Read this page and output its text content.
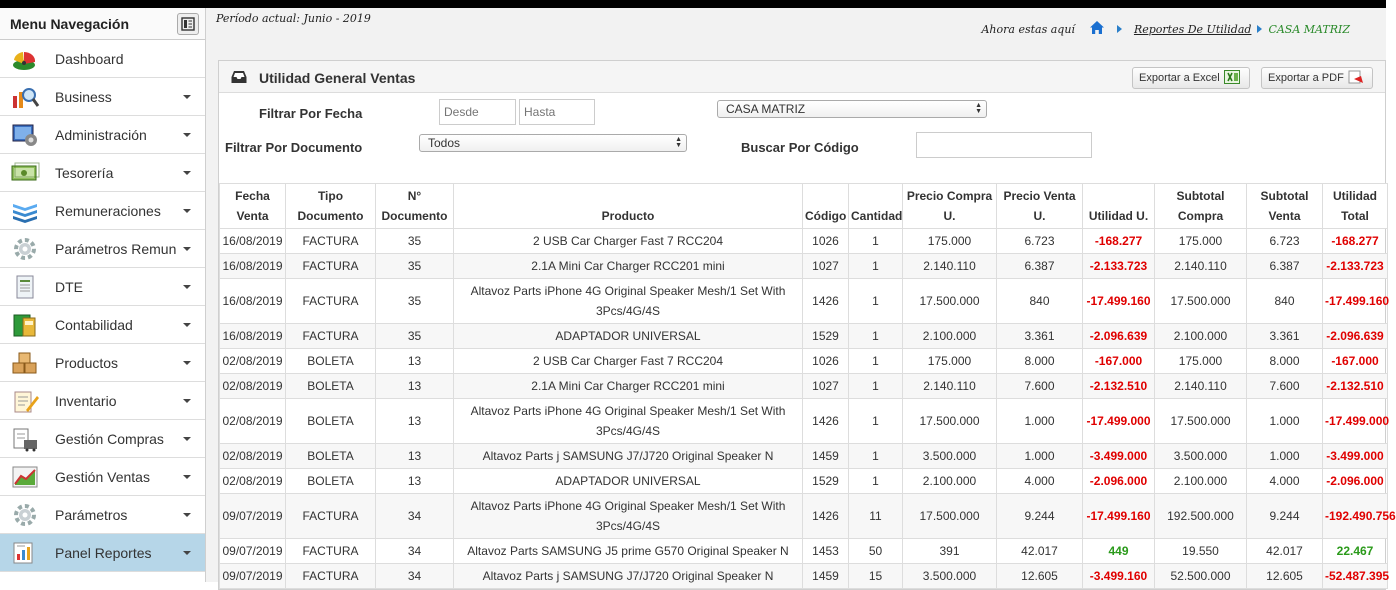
Menu Navegación
Dashboard
Business
Administración
Tesorería
Remuneraciones
Parámetros Remun
DTE
Contabilidad
Productos
Inventario
Gestión Compras
Gestión Ventas
Parámetros
Panel Reportes
Período actual: Junio - 2019
Ahora estas aquí	Reportes De Utilidad CASA MATRIZ
Utilidad General Ventas	Exportar a Excel	Exportar a PDF
Filtrar Por Fecha
Desde
Hasta	CASA MATRIZ	▲
▼
Filtrar Por Documento	Todos	▲
▼	Buscar Por Código
Fecha
Venta	Tipo
Documento	N°
Documento	Producto	Código	Cantidad	Precio Compra
U.	Precio Venta
U.	Utilidad U.	Subtotal
Compra	Subtotal
Venta	Utilidad
Total
16/08/2019	FACTURA	35	2 USB Car Charger Fast 7 RCC204	1026	1	175.000	6.723	-168.277	175.000	6.723	-168.277
16/08/2019	FACTURA	35	2.1A Mini Car Charger RCC201 mini	1027	1	2.140.110	6.387	-2.133.723	2.140.110	6.387	-2.133.723
16/08/2019	FACTURA	35	Altavoz Parts iPhone 4G Original Speaker Mesh/1 Set With 3Pcs/4G/4S	1426	1	17.500.000	840	-17.499.160	17.500.000	840	-17.499.160
16/08/2019	FACTURA	35	ADAPTADOR UNIVERSAL	1529	1	2.100.000	3.361	-2.096.639	2.100.000	3.361	-2.096.639
02/08/2019	BOLETA	13	2 USB Car Charger Fast 7 RCC204	1026	1	175.000	8.000	-167.000	175.000	8.000	-167.000
02/08/2019	BOLETA	13	2.1A Mini Car Charger RCC201 mini	1027	1	2.140.110	7.600	-2.132.510	2.140.110	7.600	-2.132.510
02/08/2019	BOLETA	13	Altavoz Parts iPhone 4G Original Speaker Mesh/1 Set With 3Pcs/4G/4S	1426	1	17.500.000	1.000	-17.499.000	17.500.000	1.000	-17.499.000
02/08/2019	BOLETA	13	Altavoz Parts j SAMSUNG J7/J720 Original Speaker N	1459	1	3.500.000	1.000	-3.499.000	3.500.000	1.000	-3.499.000
02/08/2019	BOLETA	13	ADAPTADOR UNIVERSAL	1529	1	2.100.000	4.000	-2.096.000	2.100.000	4.000	-2.096.000
09/07/2019	FACTURA	34	Altavoz Parts iPhone 4G Original Speaker Mesh/1 Set With 3Pcs/4G/4S	1426	11	17.500.000	9.244	-17.499.160	192.500.000	9.244	-192.490.756
09/07/2019	FACTURA	34	Altavoz Parts SAMSUNG J5 prime G570 Original Speaker N	1453	50	391	42.017	449	19.550	42.017	22.467
09/07/2019	FACTURA	34	Altavoz Parts j SAMSUNG J7/J720 Original Speaker N	1459	15	3.500.000	12.605	-3.499.160	52.500.000	12.605	-52.487.395
